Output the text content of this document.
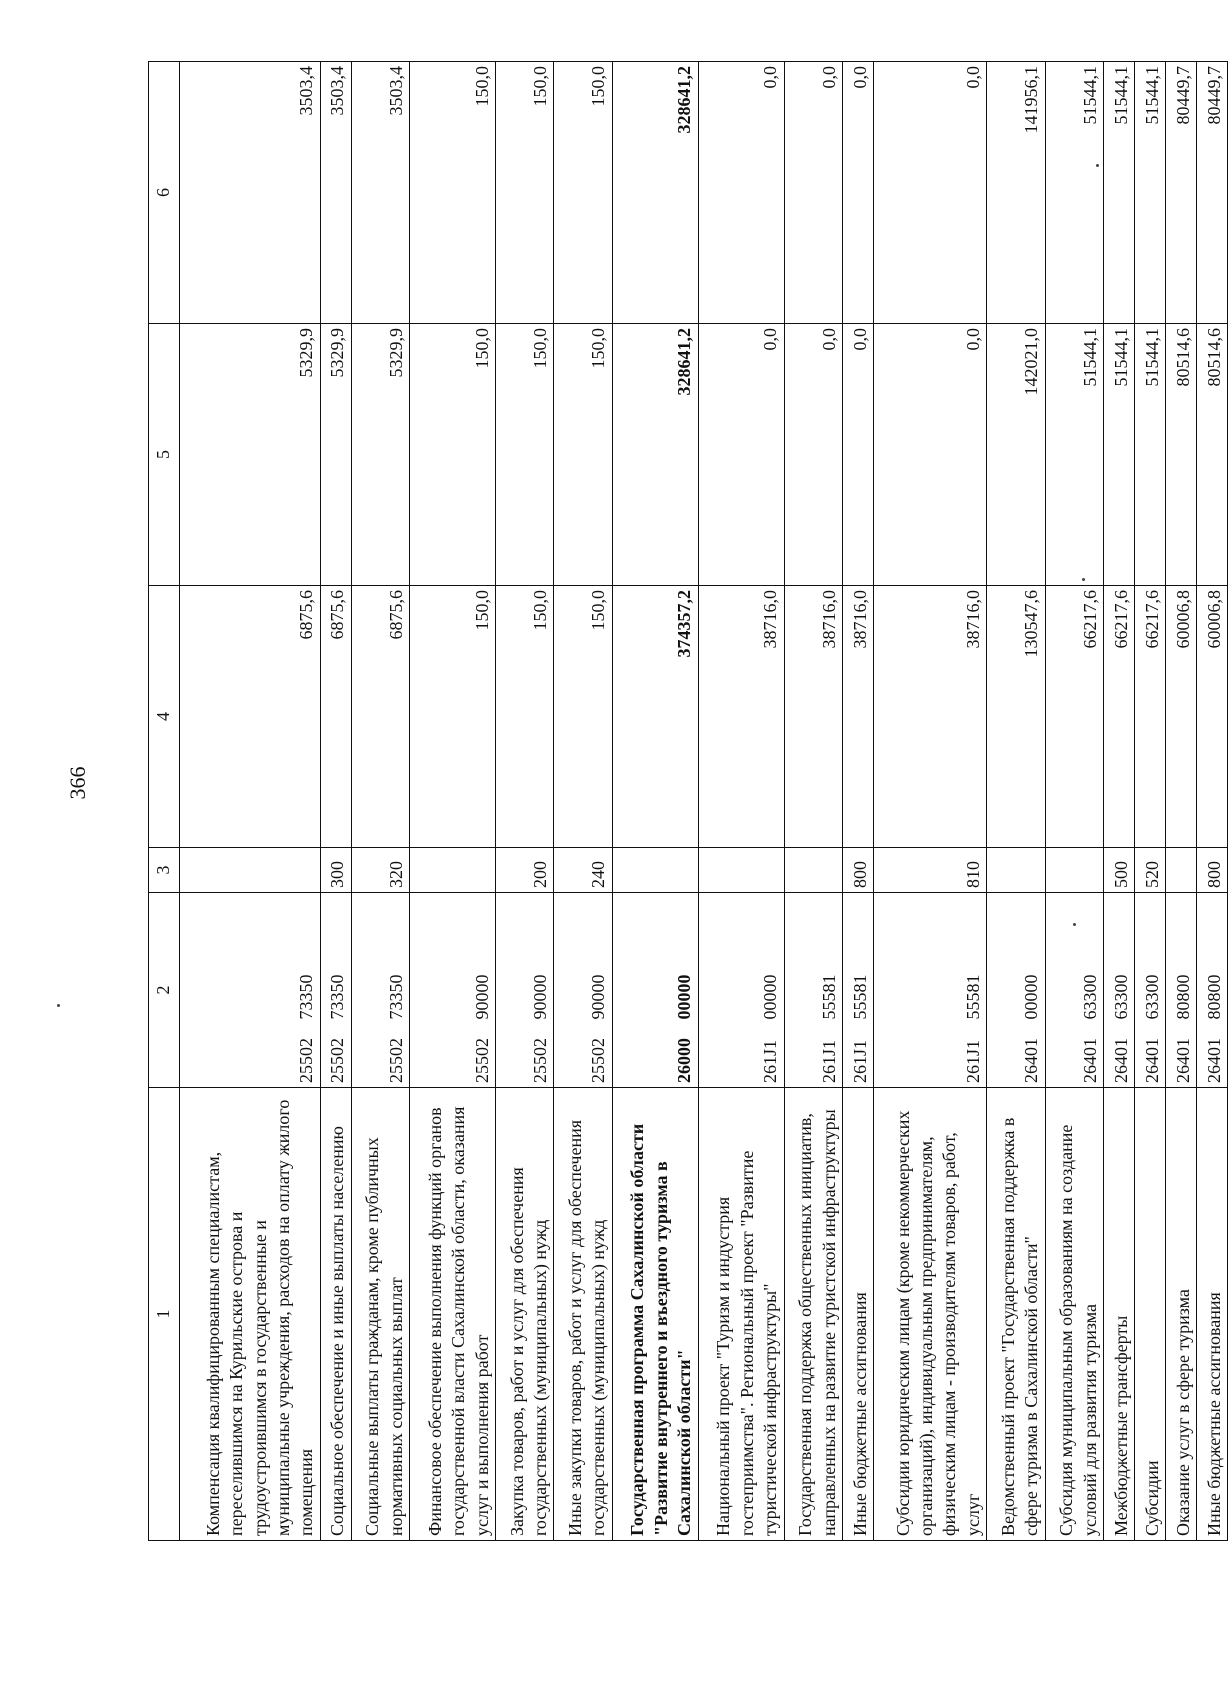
366
1	2	3	4	5	6
Компенсация квалифицированным специалистам, переселившимся на Курильские острова и трудоустроившимся в государственные и муниципальные учреждения, расходов на оплату жилого помещения	2550273350		6875,6	5329,9	3503,4
Социальное обеспечение и иные выплаты населению	2550273350	300	6875,6	5329,9	3503,4
Социальные выплаты гражданам, кроме публичных нормативных социальных выплат	2550273350	320	6875,6	5329,9	3503,4
Финансовое обеспечение выполнения функций органов государственной власти Сахалинской области, оказания услуг и выполнения работ	2550290000		150,0	150,0	150,0
Закупка товаров, работ и услуг для обеспечения государственных (муниципальных) нужд	2550290000	200	150,0	150,0	150,0
Иные закупки товаров, работ и услуг для обеспечения государственных (муниципальных) нужд	2550290000	240	150,0	150,0	150,0
Государственная программа Сахалинской области "Развитие внутреннего и въездного туризма в Сахалинской области"	2600000000		374357,2	328641,2	328641,2
Национальный проект "Туризм и индустрия гостеприимства". Региональный проект "Развитие туристической инфраструктуры"	261J100000		38716,0	0,0	0,0
Государственная поддержка общественных инициатив, направленных на развитие туристской инфраструктуры	261J155581		38716,0	0,0	0,0
Иные бюджетные ассигнования	261J155581	800	38716,0	0,0	0,0
Субсидии юридическим лицам (кроме некоммерческих организаций), индивидуальным предпринимателям, физическим лицам - производителям товаров, работ, услуг	261J155581	810	38716,0	0,0	0,0
Ведомственный проект "Государственная поддержка в сфере туризма в Сахалинской области"	2640100000		130547,6	142021,0	141956,1
Субсидия муниципальным образованиям на создание условий для развития туризма	2640163300		66217,6	51544,1	51544,1
Межбюджетные трансферты	2640163300	500	66217,6	51544,1	51544,1
Субсидии	2640163300	520	66217,6	51544,1	51544,1
Оказание услуг в сфере туризма	2640180800		60006,8	80514,6	80449,7
Иные бюджетные ассигнования	2640180800	800	60006,8	80514,6	80449,7
